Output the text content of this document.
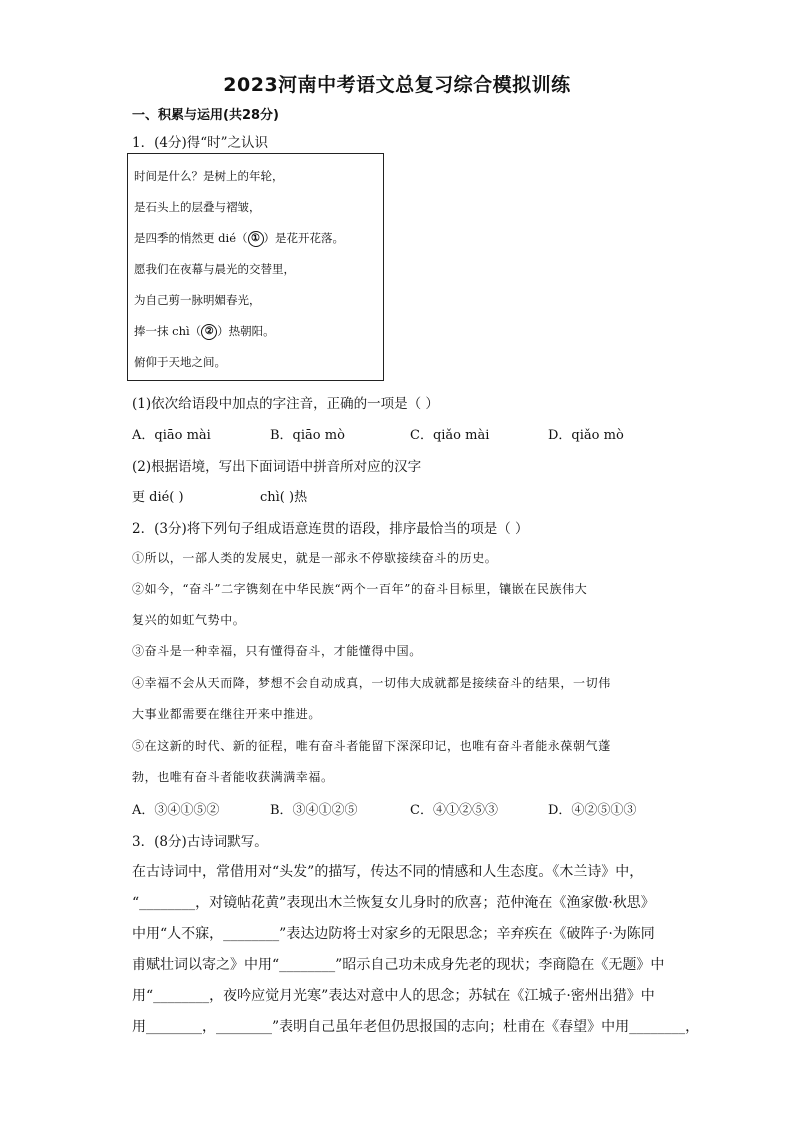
2023河南中考语文总复习综合模拟训练
一、积累与运用(共28分)
1．(4分)得“时”之认识
时间是什么？是树上的年轮，
是石头上的层叠与褶皱，
是四季的悄然更 dié（ ① ）是花开花落。
愿我们在夜幕与晨光的交替里，
为自己剪一脉明媚春光，
捧一抹 chì（ ② ）热朝阳。
俯仰于天地之间。
(1)依次给语段中加点的字注音，正确的一项是（ ）
A．qiāo mài	B．qiāo mò	C．qiǎo mài	D．qiǎo mò
(2)根据语境，写出下面词语中拼音所对应的汉字
更 dié( )	chì( )热
2．(3分)将下列句子组成语意连贯的语段，排序最恰当的项是（ ）
①所以，一部人类的发展史，就是一部永不停歇接续奋斗的历史。
②如今，“奋斗”二字镌刻在中华民族“两个一百年”的奋斗目标里，镶嵌在民族伟大
复兴的如虹气势中。
③奋斗是一种幸福，只有懂得奋斗，才能懂得中国。
④幸福不会从天而降，梦想不会自动成真，一切伟大成就都是接续奋斗的结果，一切伟
大事业都需要在继往开来中推进。
⑤在这新的时代、新的征程，唯有奋斗者能留下深深印记，也唯有奋斗者能永葆朝气蓬
勃，也唯有奋斗者能收获满满幸福。
A．③④①⑤②	B．③④①②⑤	C．④①②⑤③	D．④②⑤①③
3．(8分)古诗词默写。
在古诗词中，常借用对“头发”的描写，传达不同的情感和人生态度。《木兰诗》中，
“________，对镜帖花黄”表现出木兰恢复女儿身时的欣喜；范仲淹在《渔家傲·秋思》
中用“人不寐，________”表达边防将士对家乡的无限思念；辛弃疾在《破阵子·为陈同
甫赋壮词以寄之》中用“________”昭示自己功未成身先老的现状；李商隐在《无题》中
用“________，夜吟应觉月光寒”表达对意中人的思念；苏轼在《江城子·密州出猎》中
用________，________”表明自己虽年老但仍思报国的志向；杜甫在《春望》中用________，
